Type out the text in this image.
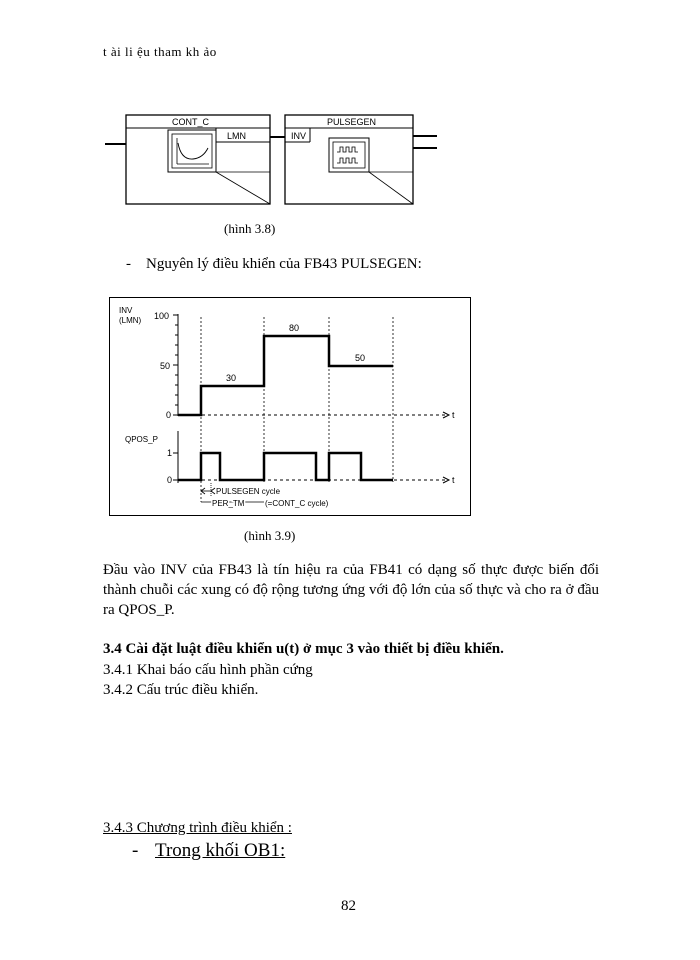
t ài li ệu tham kh ảo
CONT_C
LMN
PULSEGEN
INV
(hình 3.8)
- Nguyên lý điều khiển của FB43 PULSEGEN:
INV
(LMN) 100
50
0	t
30
80
50
QPOS_P
1
0	t
PULSEGEN cycle
PER_TM	(=CONT_C cycle)
(hình 3.9)
Đầu vào INV của FB43 là tín hiệu ra của FB41 có dạng số thực được biến đổi thành chuỗi các xung có độ rộng tương ứng với độ lớn của số thực và cho ra ở đầu ra QPOS_P.
3.4 Cài đặt luật điều khiển u(t) ở mục 3 vào thiết bị điều khiển.
3.4.1 Khai báo cấu hình phần cứng
3.4.2 Cấu trúc điều khiển.
3.4.3 Chương trình điều khiển :
- Trong khối OB1:
82
